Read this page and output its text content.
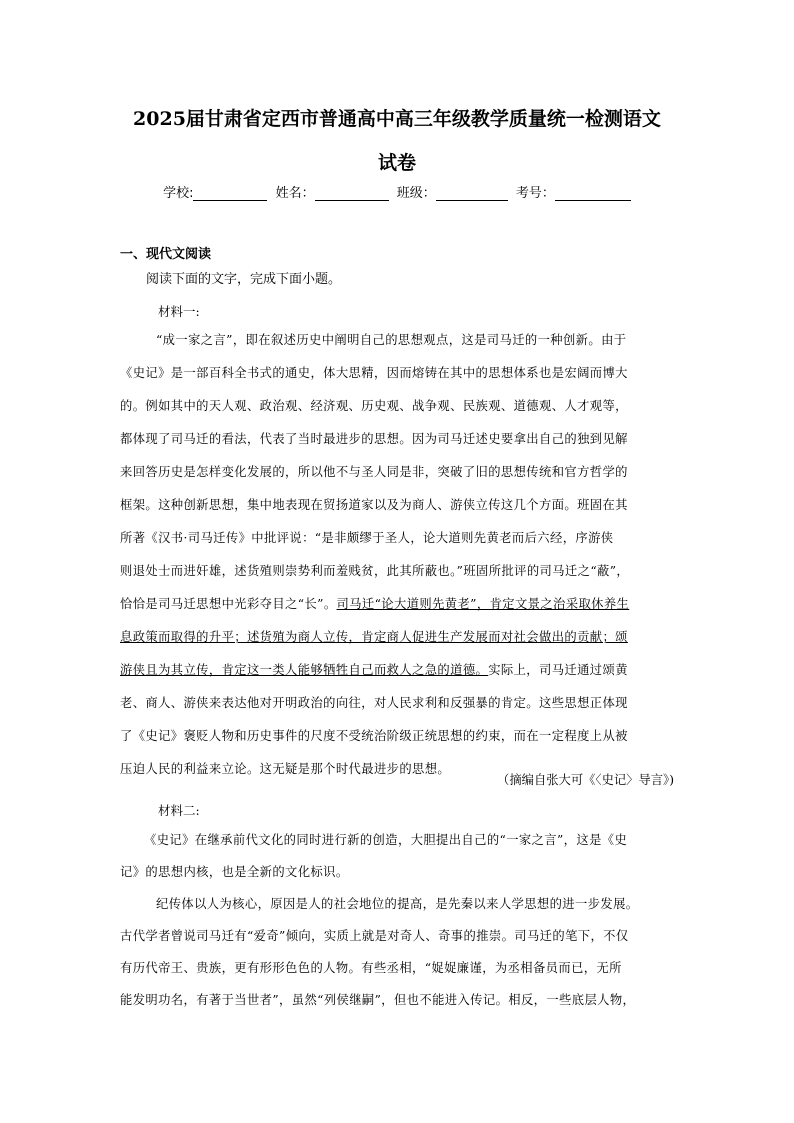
2025届甘肃省定西市普通高中高三年级教学质量统一检测语文
试卷
学校:	姓名：	班级：	考号：
一、现代文阅读
阅读下面的文字，完成下面小题。
材料一:
“成一家之言”，即在叙述历史中阐明自己的思想观点，这是司马迁的一种创新。由于
《史记》是一部百科全书式的通史，体大思精，因而熔铸在其中的思想体系也是宏阔而博大
的。例如其中的天人观、政治观、经济观、历史观、战争观、民族观、道德观、人才观等，
都体现了司马迁的看法，代表了当时最进步的思想。因为司马迁述史要拿出自己的独到见解
来回答历史是怎样变化发展的，所以他不与圣人同是非，突破了旧的思想传统和官方哲学的
框架。这种创新思想，集中地表现在贸扬道家以及为商人、游侠立传这几个方面。班固在其
所著《汉书·司马迁传》中批评说：“是非颇缪于圣人，论大道则先黄老而后六经，序游侠
则退处士而进奸雄，述货殖则崇势利而羞贱贫，此其所蔽也。”班固所批评的司马迁之“蔽”，
恰恰是司马迁思想中光彩夺目之“长”。司马迁“论大道则先黄老”，肯定文景之治采取休养生
息政策而取得的升平；述货殖为商人立传，肯定商人促进生产发展而对社会做出的贡献；颂
游侠且为其立传，肯定这一类人能够牺牲自己而救人之急的道德。实际上，司马迁通过颂黄
老、商人、游侠来表达他对开明政治的向往，对人民求利和反强暴的肯定。这些思想正体现
了《史记》褒贬人物和历史事件的尺度不受统治阶级正统思想的约束，而在一定程度上从被
压迫人民的利益来立论。这无疑是那个时代最进步的思想。
（摘编自张大可《〈史记〉导言》)
材料二:
《史记》在继承前代文化的同时进行新的创造，大胆提出自己的“一家之言”，这是《史
记》的思想内核，也是全新的文化标识。
纪传体以人为核心，原因是人的社会地位的提高，是先秦以来人学思想的进一步发展。
古代学者曾说司马迁有“爱奇”倾向，实质上就是对奇人、奇事的推崇。司马迁的笔下，不仅
有历代帝王、贵族，更有形形色色的人物。有些丞相，“娖娖廉谨，为丞相备员而已，无所
能发明功名，有著于当世者”，虽然“列侯继嗣”，但也不能进入传记。相反，一些底层人物，
